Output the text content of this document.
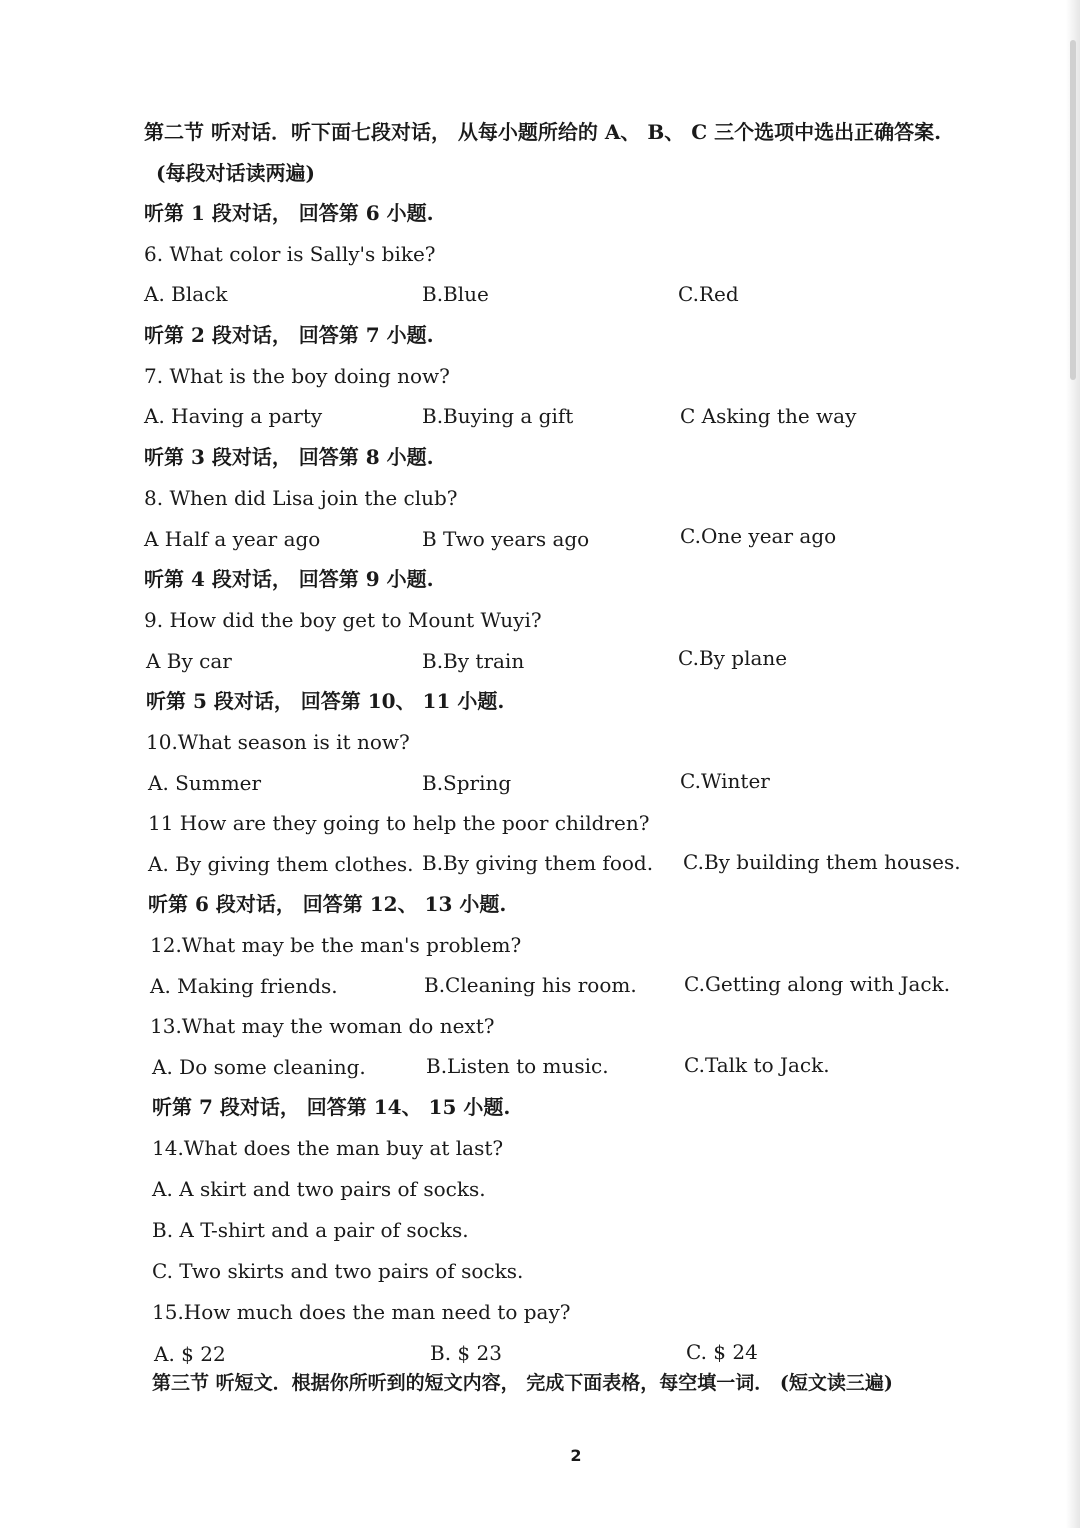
第二节 听对话．听下面七段对话， 从每小题所给的 A、 B、 C 三个选项中选出正确答案.
(每段对话读两遍)
听第 1 段对话， 回答第 6 小题.
6. What color is Sally's bike?
A. Black	B.Blue	C.Red
听第 2 段对话， 回答第 7 小题.
7. What is the boy doing now?
A. Having a party	B.Buying a gift	C Asking the way
听第 3 段对话， 回答第 8 小题.
8. When did Lisa join the club?
A Half a year ago	B Two years ago	C.One year ago
听第 4 段对话， 回答第 9 小题.
9. How did the boy get to Mount Wuyi?
A By car	B.By train	C.By plane
听第 5 段对话， 回答第 10、 11 小题.
10.What season is it now?
A. Summer	B.Spring	C.Winter
11 How are they going to help the poor children?
A. By giving them clothes. B.By giving them food. C.By building them houses.
听第 6 段对话， 回答第 12、 13 小题.
12.What may be the man's problem?
A. Making friends.	B.Cleaning his room. C.Getting along with Jack.
13.What may the woman do next?
A. Do some cleaning.	B.Listen to music.	C.Talk to Jack.
听第 7 段对话， 回答第 14、 15 小题.
14.What does the man buy at last?
A. A skirt and two pairs of socks.
B. A T-shirt and a pair of socks.
C. Two skirts and two pairs of socks.
15.How much does the man need to pay?
A. $ 22	B. $ 23	C. $ 24
第三节 听短文．根据你所听到的短文内容， 完成下面表格，每空填一词． (短文读三遍)
2
